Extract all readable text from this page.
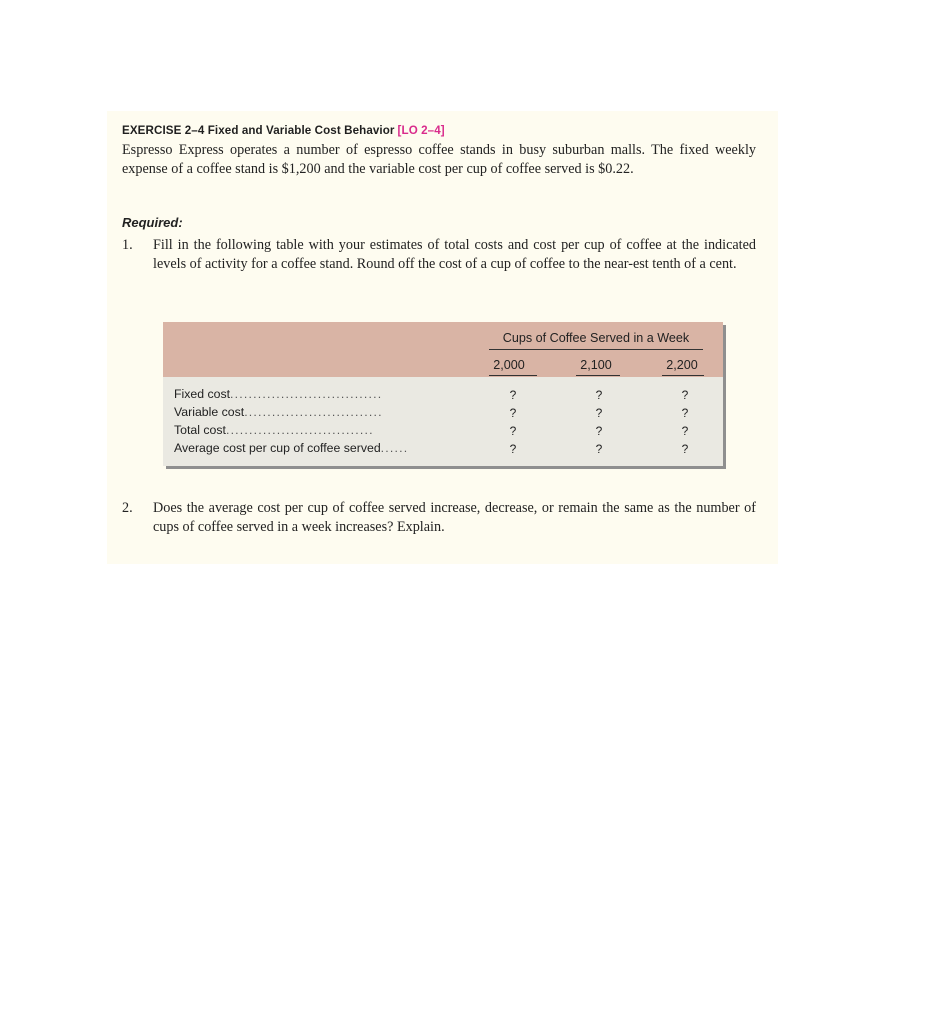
EXERCISE 2–4 Fixed and Variable Cost Behavior [LO 2–4]
Espresso Express operates a number of espresso coffee stands in busy suburban malls. The fixed weekly expense of a coffee stand is $1,200 and the variable cost per cup of coffee served is $0.22.
Required:
1. Fill in the following table with your estimates of total costs and cost per cup of coffee at the indicated levels of activity for a coffee stand. Round off the cost of a cup of coffee to the near-est tenth of a cent.
Cups of Coffee Served in a Week
2,000	2,100	2,200
Fixed cost.................................	?	?	?
Variable cost..............................	?	?	?
Total cost................................	?	?	?
Average cost per cup of coffee served......	?	?	?
2. Does the average cost per cup of coffee served increase, decrease, or remain the same as the number of cups of coffee served in a week increases? Explain.
